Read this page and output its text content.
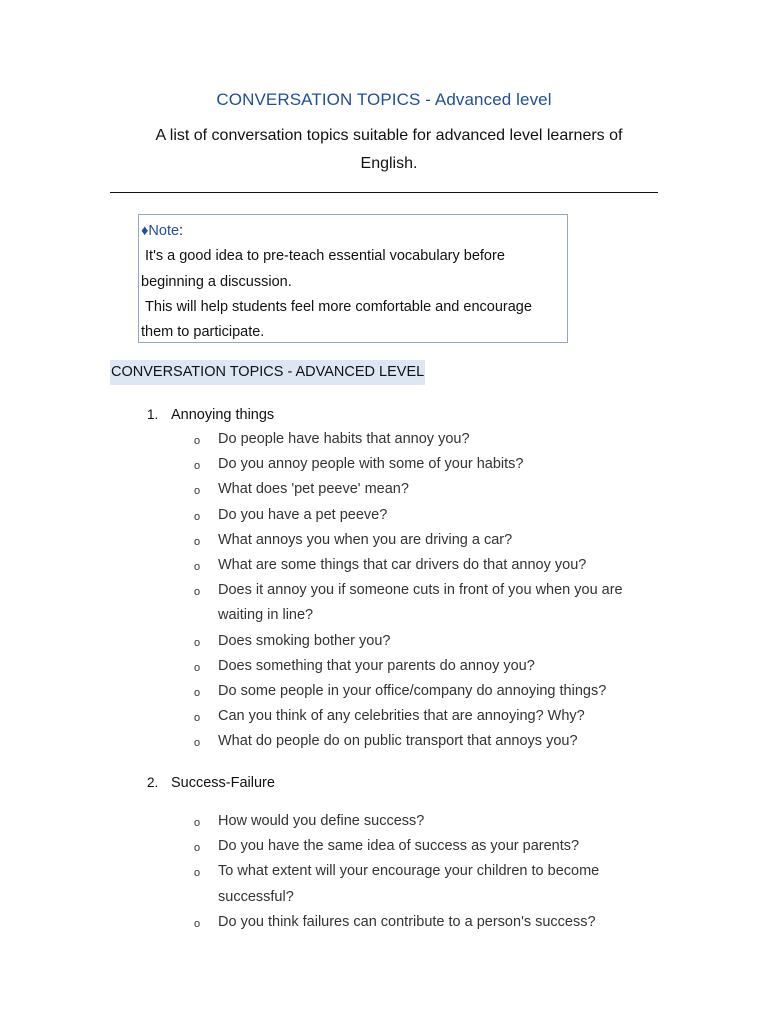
CONVERSATION TOPICS - Advanced level
A list of conversation topics suitable for advanced level learners of English.
♦Note:
It's a good idea to pre-teach essential vocabulary before beginning a discussion.
This will help students feel more comfortable and encourage them to participate.
CONVERSATION TOPICS - ADVANCED LEVEL
1. Annoying things
o Do people have habits that annoy you?
o Do you annoy people with some of your habits?
o What does 'pet peeve' mean?
o Do you have a pet peeve?
o What annoys you when you are driving a car?
o What are some things that car drivers do that annoy you?
o Does it annoy you if someone cuts in front of you when you are waiting in line?
o Does smoking bother you?
o Does something that your parents do annoy you?
o Do some people in your office/company do annoying things?
o Can you think of any celebrities that are annoying? Why?
o What do people do on public transport that annoys you?
2. Success-Failure
o How would you define success?
o Do you have the same idea of success as your parents?
o To what extent will your encourage your children to become successful?
o Do you think failures can contribute to a person's success?
